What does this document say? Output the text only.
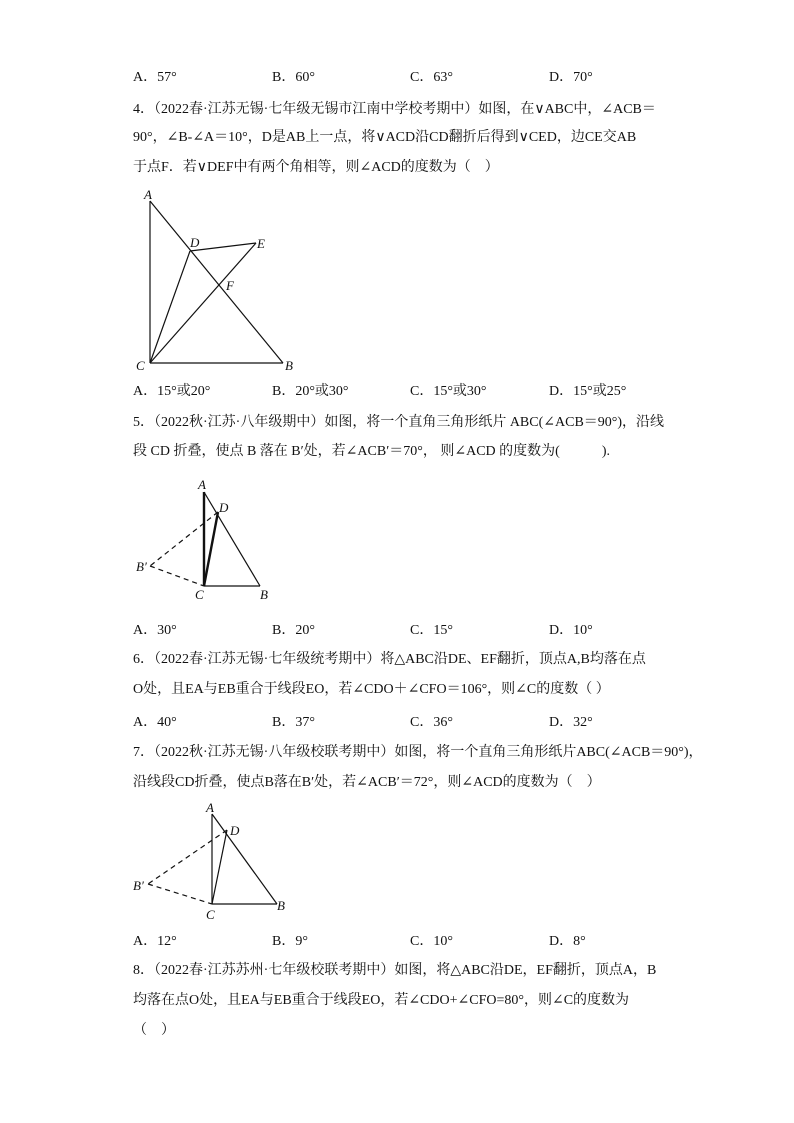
A．57°	B．60°	C．63°	D．70°
4．（2022春·江苏无锡·七年级无锡市江南中学校考期中）如图，在∨ABC中，∠ACB＝
90°，∠B-∠A＝10°，D是AB上一点，将∨ACD沿CD翻折后得到∨CED，边CE交AB
于点F．若∨DEF中有两个角相等，则∠ACD的度数为（　）
A
D	E
F
C	B
A．15°或20°	B．20°或30°	C．15°或30°	D．15°或25°
5．（2022秋·江苏·八年级期中）如图，将一个直角三角形纸片 ABC(∠ACB＝90°)，沿线
段 CD 折叠，使点 B 落在 B′处，若∠ACB′＝70°， 则∠ACD 的度数为(　　　).
A
D
B′
C	B
A．30°	B．20°	C．15°	D．10°
6．（2022春·江苏无锡·七年级统考期中）将△ABC沿DE、EF翻折，顶点A,B均落在点
O处，且EA与EB重合于线段EO，若∠CDO＋∠CFO＝106°，则∠C的度数（ ）
A．40°	B．37°	C．36°	D．32°
7．（2022秋·江苏无锡·八年级校联考期中）如图，将一个直角三角形纸片ABC(∠ACB＝90°)，
沿线段CD折叠，使点B落在B′处，若∠ACB′＝72°，则∠ACD的度数为（　）
A
D
B′
C
B
A．12°	B．9°	C．10°	D．8°
8．（2022春·江苏苏州·七年级校联考期中）如图，将△ABC沿DE，EF翻折，顶点A，B
均落在点O处，且EA与EB重合于线段EO，若∠CDO+∠CFO=80°，则∠C的度数为
（　）
